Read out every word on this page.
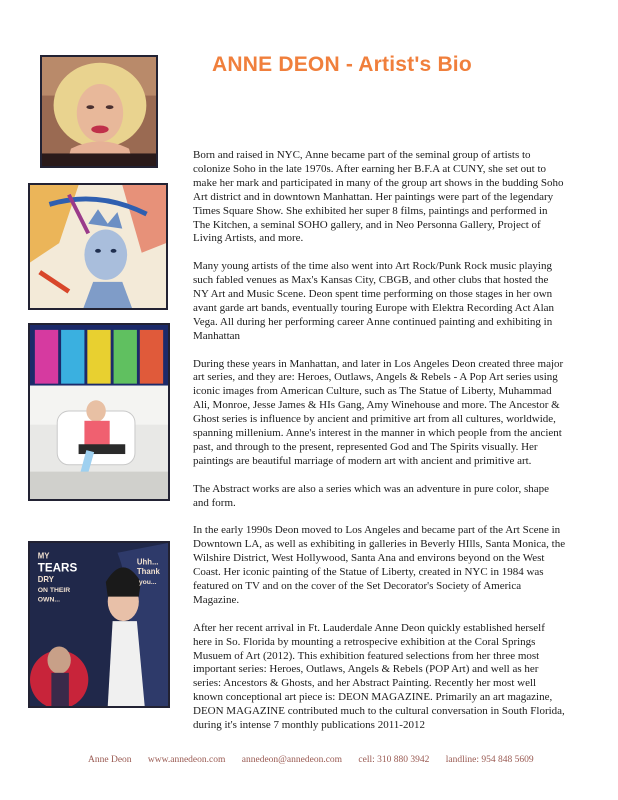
ANNE DEON - Artist's Bio
MY
TEARS
DRY
ON THEIR
OWN...
Uhh...
Thank
you...

Born and raised in NYC, Anne became part of the seminal group of artists to colonize Soho in the late 1970s. After earning her B.F.A at CUNY, she set out to make her mark and participated in many of the group art shows in the budding Soho Art district and in downtown Manhattan. Her paintings were part of the legendary Times Square Show. She exhibited her super 8 films, paintings and performed in The Kitchen, a seminal SOHO gallery, and in Neo Personna Gallery, Project of Living Artists, and more.

Many young artists of the time also went into Art Rock/Punk Rock music playing such fabled venues as Max's Kansas City, CBGB, and other clubs that hosted the NY Art and Music Scene. Deon spent time performing on those stages in her own avant garde art bands, eventually touring Europe with Elektra Recording Act Alan Vega. All during her performing career Anne continued painting and exhibiting in Manhattan

During these years in Manhattan, and later in Los Angeles Deon created three major art series, and they are: Heroes, Outlaws, Angels & Rebels - A Pop Art series using iconic images from American Culture, such as The Statue of Liberty, Muhammad Ali, Monroe, Jesse James & HIs Gang, Amy Winehouse and more. The Ancestor & Ghost series is influence by ancient and primitive art from all cultures, worldwide, spanning millenium. Anne's interest in the manner in which people from the ancient past, and through to the present, represented God and The Spirits visually. Her paintings are beautiful marriage of modern art with ancient and primitive art.

The Abstract works are also a series which was an adventure in pure color, shape and form.

In the early 1990s Deon moved to Los Angeles and became part of the Art Scene in Downtown LA, as well as exhibiting in galleries in Beverly HIlls, Santa Monica, the Wilshire District, West Hollywood, Santa Ana and environs beyond on the West Coast. Her iconic painting of the Statue of Liberty, created in NYC in 1984 was featured on TV and on the cover of the Set Decorator's Society of America Magazine.

After her recent arrival in Ft. Lauderdale Anne Deon quickly established herself here in So. Florida by mounting a retrospecive exhibition at the Coral Springs Musuem of Art (2012). This exhibition featured selections from her three most important series: Heroes, Outlaws, Angels & Rebels (POP Art) and well as her series: Ancestors & Ghosts, and her Abstract Painting. Recently her most well known conceptional art piece is: DEON MAGAZINE. Primarily an art magazine, DEON MAGAZINE contributed much to the cultural conversation in South Florida, during it's intense 7 monthly publications 2011-2012

Anne Deon www.annedeon.com annedeon@annedeon.com cell: 310 880 3942 landline: 954 848 5609
